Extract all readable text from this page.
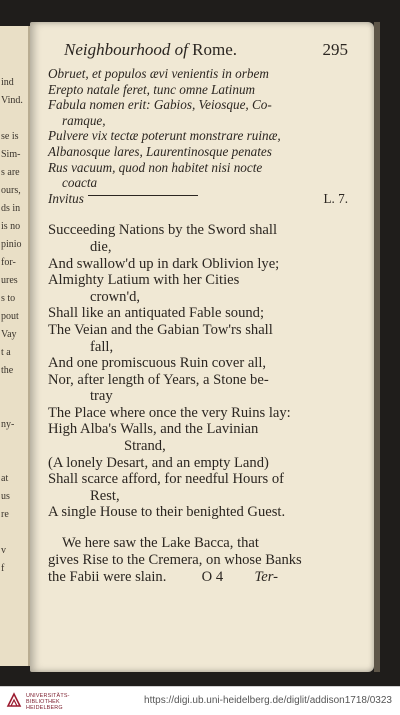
ind
Vind.
se is
Sim-
s are
ours,
ds in
is no
pinio
for-
ures
s to
pout
Vay
t a
the
ny-
at
us
re
v
f
Neighbourhood of Rome.	295
Obruet, et populos ævi venientis in orbem
Erepto natale feret, tunc omne Latinum
Fabula nomen erit: Gabios, Veiosque, Co-
ramque,
Pulvere vix tectæ poterunt monstrare ruinæ,
Albanosque lares, Laurentinosque penates
Rus vacuum, quod non habitet nisi nocte
coacta
Invitus	L. 7.
Succeeding Nations by the Sword shall
die,
And swallow'd up in dark Oblivion lye;
Almighty Latium with her Cities
crown'd,
Shall like an antiquated Fable sound;
The Veian and the Gabian Tow'rs shall
fall,
And one promiscuous Ruin cover all,
Nor, after length of Years, a Stone be-
tray
The Place where once the very Ruins lay:
High Alba's Walls, and the Lavinian
Strand,
(A lonely Desart, and an empty Land)
Shall scarce afford, for needful Hours of
Rest,
A single House to their benighted Guest.
We here saw the Lake Bacca, that
gives Rise to the Cremera, on whose Banks
the Fabii were slain. O 4 Ter-
UNIVERSITÄTS-
BIBLIOTHEK
HEIDELBERG
https://digi.ub.uni-heidelberg.de/diglit/addison1718/0323
